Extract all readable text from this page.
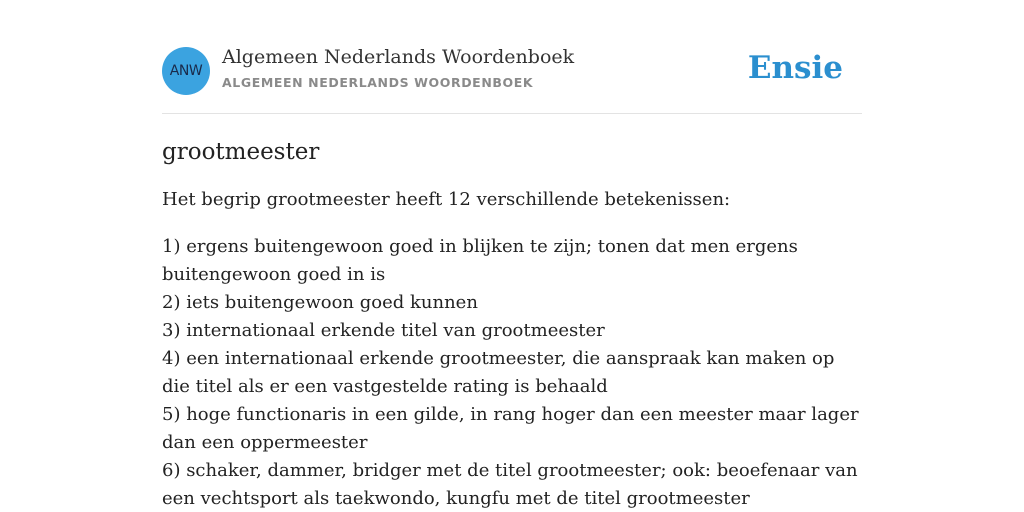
ANW
Algemeen Nederlands Woordenboek
ALGEMEEN NEDERLANDS WOORDENBOEK	Ensie
grootmeester

Het begrip grootmeester heeft 12 verschillende betekenissen:

1) ergens buitengewoon goed in blijken te zijn; tonen dat men ergens buitengewoon goed in is
2) iets buitengewoon goed kunnen
3) internationaal erkende titel van grootmeester
4) een internationaal erkende grootmeester, die aanspraak kan maken op die titel als er een vastgestelde rating is behaald
5) hoge functionaris in een gilde, in rang hoger dan een meester maar lager dan een oppermeester
6) schaker, dammer, bridger met de titel grootmeester; ook: beoefenaar van een vechtsport als taekwondo, kungfu met de titel grootmeester
